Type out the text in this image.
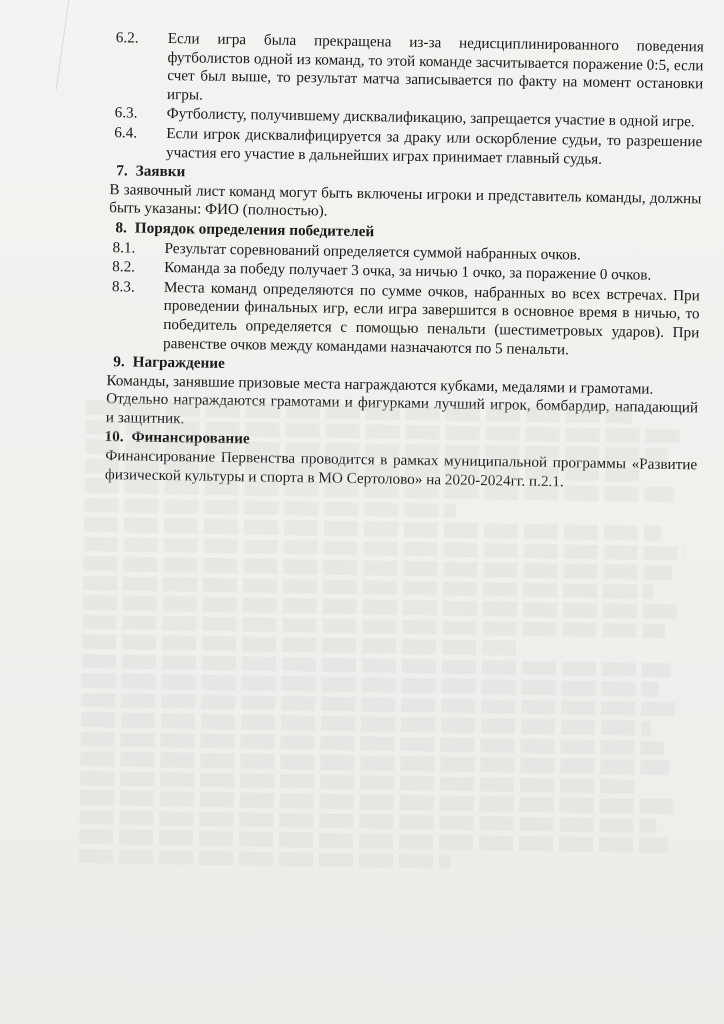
6.2.	Если игра была прекращена из-за недисциплинированного поведения футболистов одной из команд, то этой команде засчитывается поражение 0:5, если счет был выше, то результат матча записывается по факту на момент остановки игры.
6.3.	Футболисту, получившему дисквалификацию, запрещается участие в одной игре.
6.4.	Если игрок дисквалифицируется за драку или оскорбление судьи, то разрешение участия его участие в дальнейших играх принимает главный судья.
7. Заявки
В заявочный лист команд могут быть включены игроки и представитель команды, должны быть указаны: ФИО (полностью).
8. Порядок определения победителей
8.1.	Результат соревнований определяется суммой набранных очков.
8.2.	Команда за победу получает 3 очка, за ничью 1 очко, за поражение 0 очков.
8.3.	Места команд определяются по сумме очков, набранных во всех встречах. При проведении финальных игр, если игра завершится в основное время в ничью, то победитель определяется с помощью пенальти (шестиметровых ударов). При равенстве очков между командами назначаются по 5 пенальти.
9. Награждение
Команды, занявшие призовые места награждаются кубками, медалями и грамотами.
Отдельно награждаются грамотами и фигурками лучший игрок, бомбардир, нападающий и защитник.
10. Финансирование
Финансирование Первенства проводится в рамках муниципальной программы «Развитие физической культуры и спорта в МО Сертолово» на 2020-2024гг. п.2.1.
